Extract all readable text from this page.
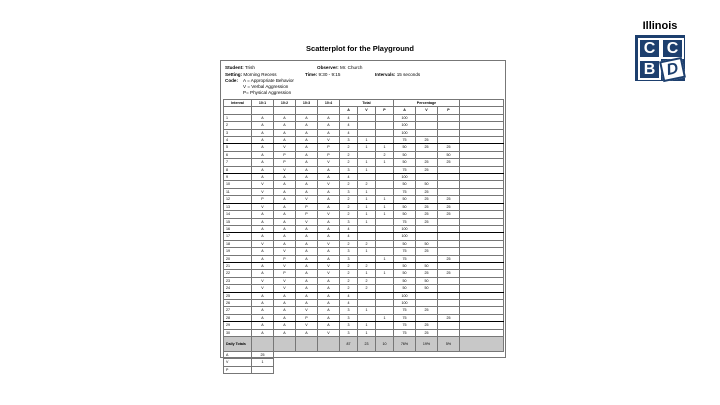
Illinois
C C
B D
Scatterplot for the Playground
Student: Trish	Observer: Mr. Church
Setting: Morning Recess	Time: 9:30 - 9:15	Intervals: 15 seconds
Code: A = Appropriate Behavior
V = Verbal Aggression
P= Physical Aggression
Interval	10:1	10:2	10:3	10:4	Total			Percentage			
					A	V	P	A	V	P	
1	A	A	A	A	4			100			
2	A	A	A	A	4			100			
3	A	A	A	A	4			100			
4	A	A	A	V	3	1		75	25		
5	A	V	A	P	2	1	1	50	25	25	
6	A	P	A	P	2		2	50		50	
7	A	P	A	V	2	1	1	50	25	25	
8	A	V	A	A	3	1		75	25		
9	A	A	A	A	4			100			
10	V	A	A	V	2	2		50	50		
11	V	A	A	A	3	1		75	25		
12	P	A	V	A	2	1	1	50	25	25	
13	V	A	P	A	2	1	1	50	25	25	
14	A	A	P	V	2	1	1	50	25	25	
15	A	A	V	A	3	1		75	25		
16	A	A	A	A	4			100			
17	A	A	A	A	4			100			
18	V	A	A	V	2	2		50	50		
19	A	V	A	A	3	1		75	25		
20	A	P	A	A	3		1	75		25	
21	A	V	A	V	2	2		50	50		
22	A	P	A	V	2	1	1	50	25	25	
23	V	V	A	A	2	2		50	50		
24	V	V	A	A	2	2		50	50		
25	A	A	A	A	4			100			
26	A	A	A	A	4			100			
27	A	A	V	A	3	1		75	25		
28	A	A	P	A	3		1	75		25	
29	A	A	V	A	3	1		75	25		
30	A	A	A	V	3	1		75	25		
Daily Totals					87	23	10	76%	19%	5%	
A	25										
V	1										
P											
